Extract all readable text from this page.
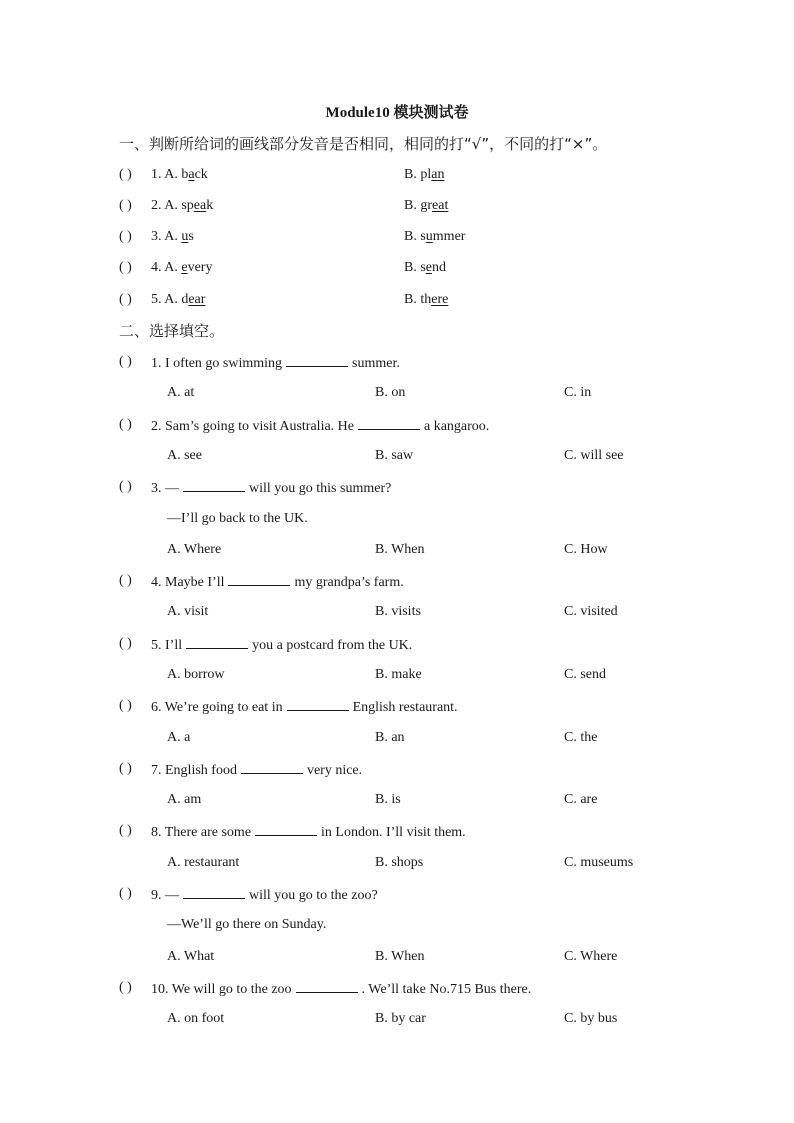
Module10 模块测试卷
一、判断所给词的画线部分发音是否相同，相同的打“√”，不同的打“×”。
( ) 1. A. back	B. plan
( ) 2. A. speak	B. great
( ) 3. A. us	B. summer
( ) 4. A. every	B. send
( ) 5. A. dear	B. there
二、选择填空。
( ) 1. I often go swimming	summer.
A. at	B. on	C. in
( ) 2. Sam’s going to visit Australia. He	a kangaroo.
A. see	B. saw	C. will see
( ) 3. —	will you go this summer?
—I’ll go back to the UK.
A. Where	B. When	C. How
( ) 4. Maybe I’ll	my grandpa’s farm.
A. visit	B. visits	C. visited
( ) 5. I’ll	you a postcard from the UK.
A. borrow	B. make	C. send
( ) 6. We’re going to eat in	English restaurant.
A. a	B. an	C. the
( ) 7. English food	very nice.
A. am	B. is	C. are
( ) 8. There are some	in London. I’ll visit them.
A. restaurant	B. shops	C. museums
( ) 9. —	will you go to the zoo?
—We’ll go there on Sunday.
A. What	B. When	C. Where
( ) 10. We will go to the zoo	. We’ll take No.715 Bus there.
A. on foot	B. by car	C. by bus
